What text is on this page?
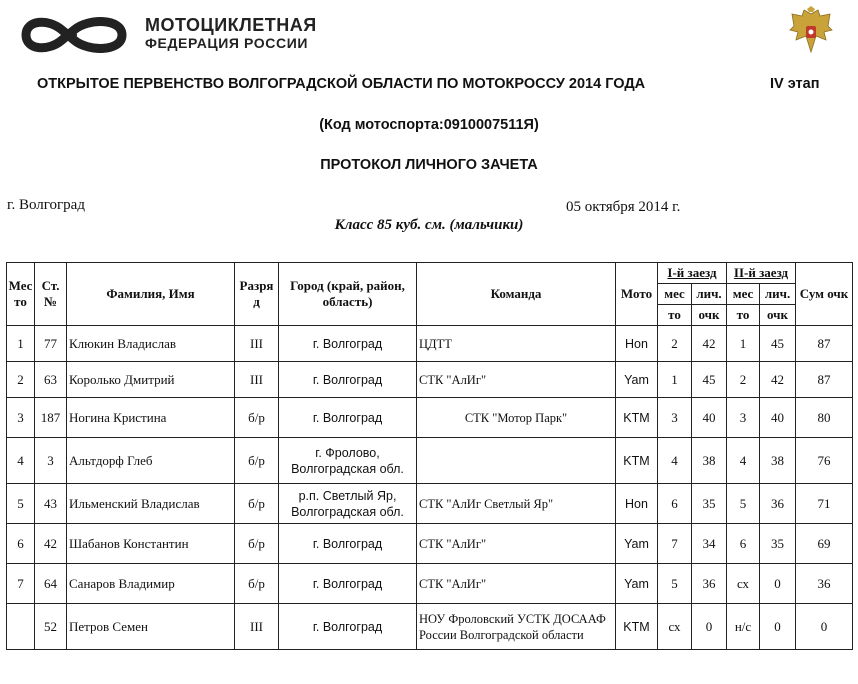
МОТОЦИКЛЕТНАЯ
ФЕДЕРАЦИЯ РОССИИ
ОТКРЫТОЕ ПЕРВЕНСТВО ВОЛГОГРАДСКОЙ ОБЛАСТИ ПО МОТОКРОССУ 2014 ГОДА	IV этап
(Код мотоспорта:0910007511Я)
ПРОТОКОЛ ЛИЧНОГО ЗАЧЕТА
г. Волгоград	05 октября 2014 г.
Класс 85 куб. см. (мальчики)
Мес то	Ст. №	Фамилия, Имя	Разря д	Город (край, район, область)	Команда	Мото	I-й заезд		II-й заезд		Сум очк
							мес	лич.	мес	лич.	
							то	очк	то	очк	
1	77	Клюкин Владислав	III	г. Волгоград	ЦДТТ	Hon	2	42	1	45	87
2	63	Королько Дмитрий	III	г. Волгоград	СТК "АлИг"	Yam	1	45	2	42	87
3	187	Ногина Кристина	б/р	г. Волгоград	СТК "Мотор Парк"	KTM	3	40	3	40	80
4	3	Альтдорф Глеб	б/р	г. Фролово, Волгоградская обл.		KTM	4	38	4	38	76
5	43	Ильменский Владислав	б/р	р.п. Светлый Яр, Волгоградская обл.	СТК "АлИг Светлый Яр"	Hon	6	35	5	36	71
6	42	Шабанов Константин	б/р	г. Волгоград	СТК "АлИг"	Yam	7	34	6	35	69
7	64	Санаров Владимир	б/р	г. Волгоград	СТК "АлИг"	Yam	5	36	сх	0	36
	52	Петров Семен	III	г. Волгоград	НОУ Фроловский УСТК ДОСААФ России Волгоградской области	KTM	сх	0	н/с	0	0
